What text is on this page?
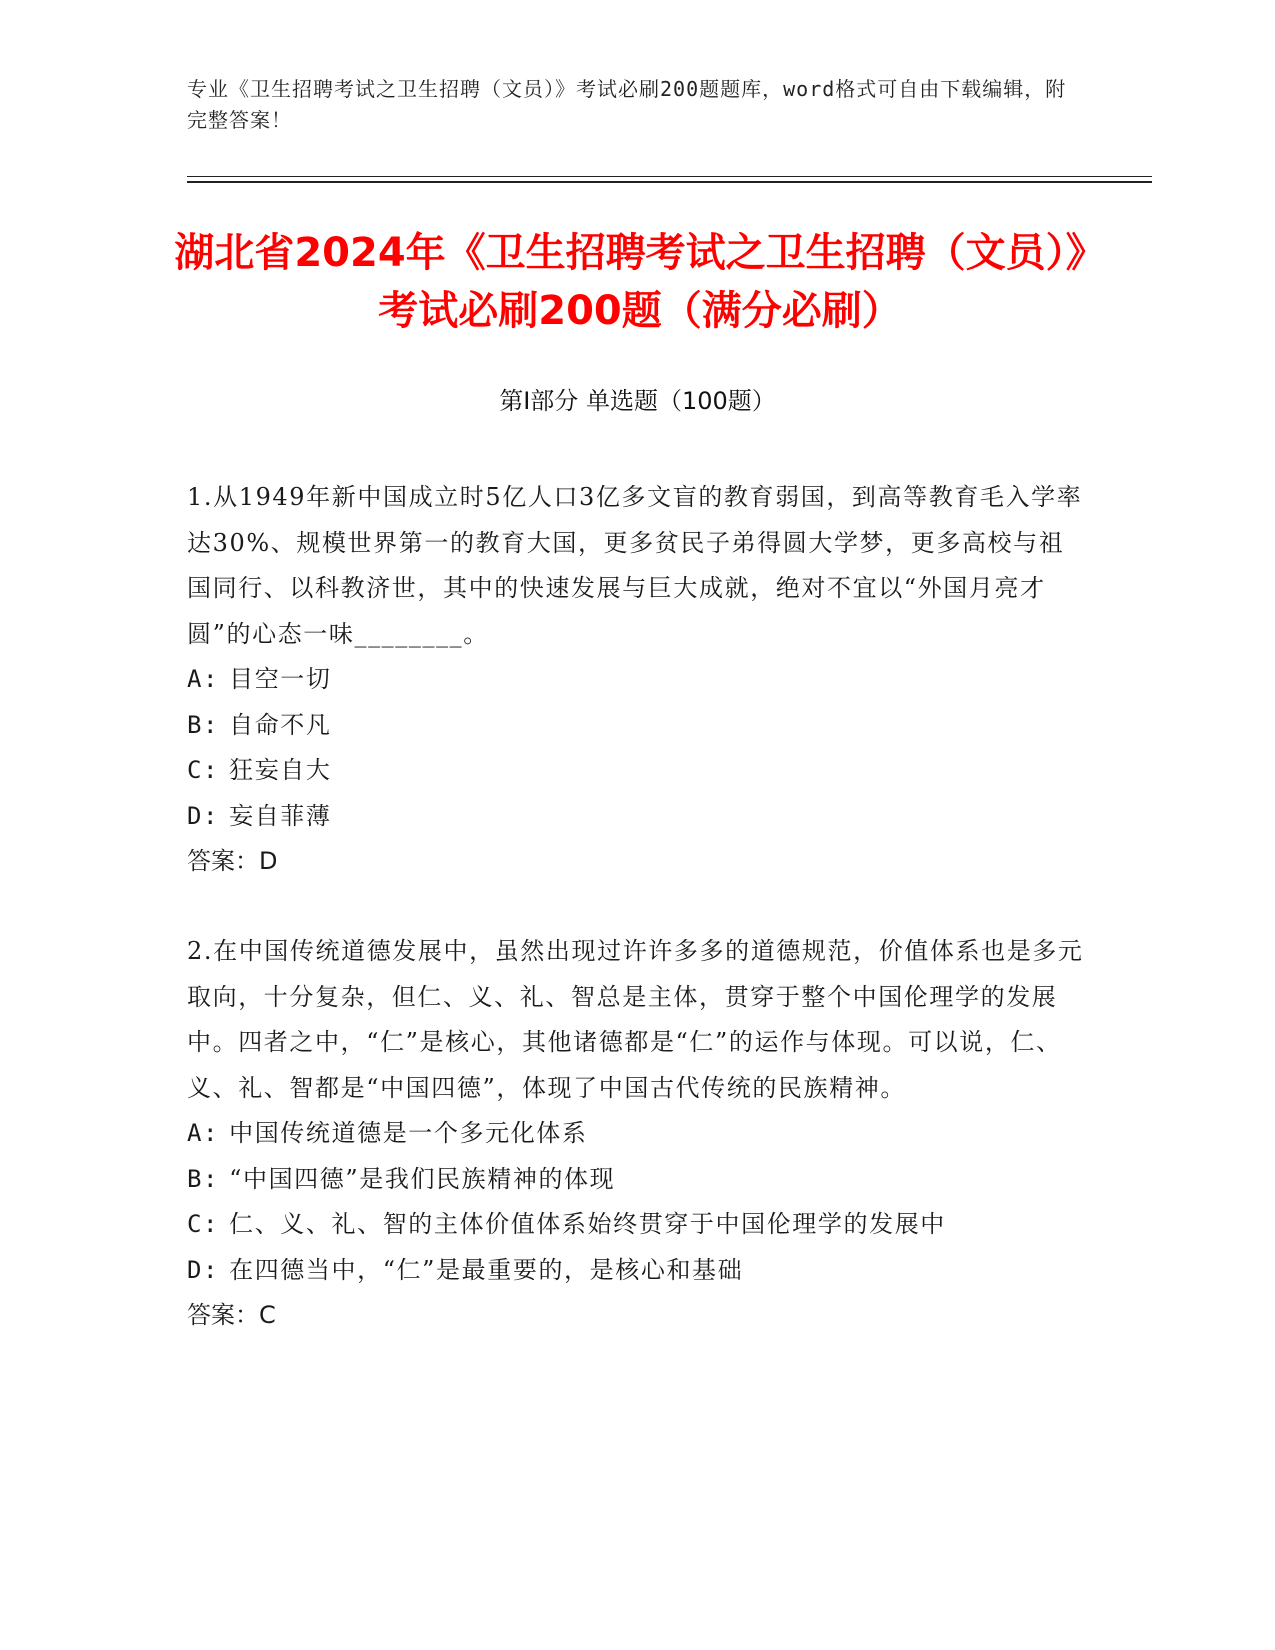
专业《卫生招聘考试之卫生招聘（文员）》考试必刷200题题库，word格式可自由下载编辑，附完整答案！
湖北省2024年《卫生招聘考试之卫生招聘（文员）》考试必刷200题（满分必刷）
第I部分 单选题（100题）

1.从1949年新中国成立时5亿人口3亿多文盲的教育弱国，到高等教育毛入学率达30%、规模世界第一的教育大国，更多贫民子弟得圆大学梦，更多高校与祖国同行、以科教济世，其中的快速发展与巨大成就，绝对不宜以“外国月亮才圆”的心态一味________。

A: 目空一切
B: 自命不凡
C: 狂妄自大
D: 妄自菲薄
答案：D

2.在中国传统道德发展中，虽然出现过许许多多的道德规范，价值体系也是多元取向，十分复杂，但仁、义、礼、智总是主体，贯穿于整个中国伦理学的发展中。四者之中，“仁”是核心，其他诸德都是“仁”的运作与体现。可以说，仁、义、礼、智都是“中国四德”，体现了中国古代传统的民族精神。

A: 中国传统道德是一个多元化体系
B: “中国四德”是我们民族精神的体现
C: 仁、义、礼、智的主体价值体系始终贯穿于中国伦理学的发展中
D: 在四德当中，“仁”是最重要的，是核心和基础
答案：C
